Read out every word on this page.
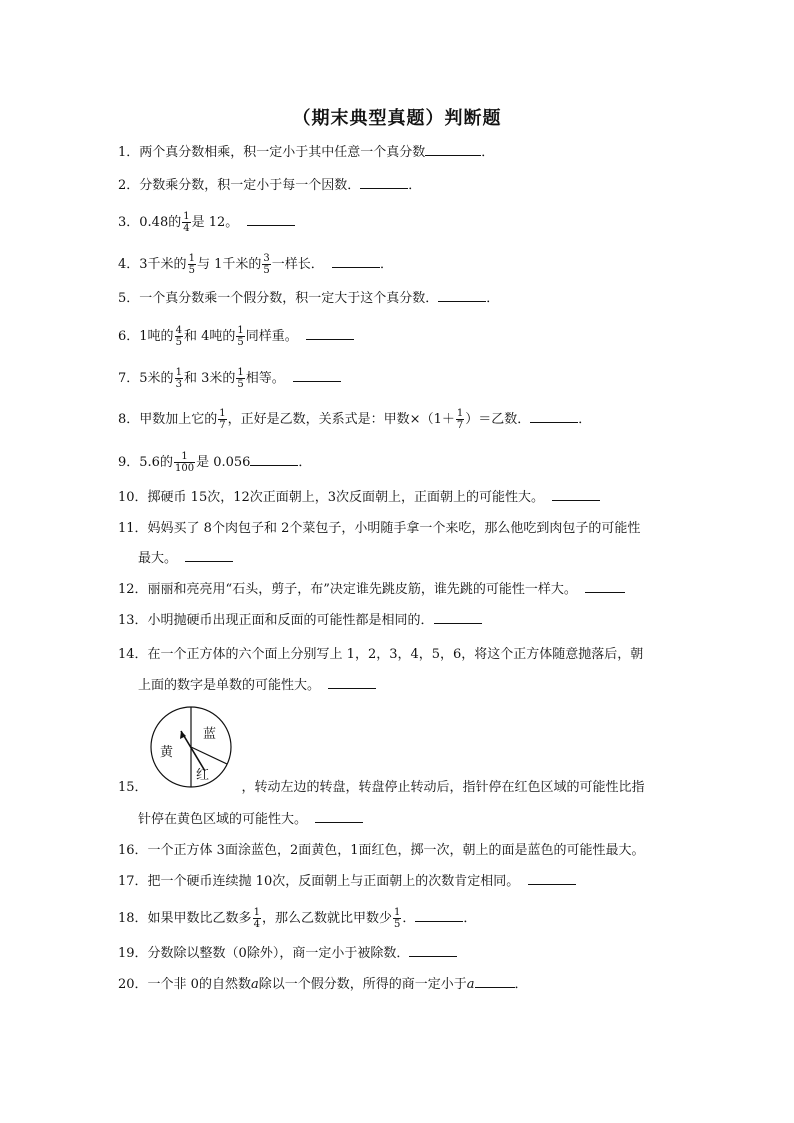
（期末典型真题）判断题
1．两个真分数相乘，积一定小于其中任意一个真分数	．
2．分数乘分数，积一定小于每一个因数．	．
3．0.48的 $\frac{1}{4}$ 是 12。
4．3千米的 $\frac{1}{5}$ 与 1千米的 $\frac{3}{5}$ 一样长．	．
5．一个真分数乘一个假分数，积一定大于这个真分数．	．
6．1吨的 $\frac{4}{5}$ 和 4吨的 $\frac{1}{5}$ 同样重。
7．5米的 $\frac{1}{3}$ 和 3米的 $\frac{1}{5}$ 相等。
8．甲数加上它的 $\frac{1}{7}$ ，正好是乙数，关系式是：甲数$\times(1+ \frac{1}{7}$ ）＝乙数．	．
9．5.6的 $\frac{1}{100}$ 是 0.056	．
10．掷硬币 15次，12次正面朝上，3次反面朝上，正面朝上的可能性大。
11．妈妈买了 8个肉包子和 2个菜包子，小明随手拿一个来吃，那么他吃到肉包子的可能性
最大。
12．丽丽和亮亮用“石头，剪子，布”决定谁先跳皮筋，谁先跳的可能性一样大。
13．小明抛硬币出现正面和反面的可能性都是相同的．
14．在一个正方体的六个面上分别写上 1，2，3，4，5，6，将这个正方体随意抛落后，朝
上面的数字是单数的可能性大。
蓝
黄
红
15．	，转动左边的转盘，转盘停止转动后，指针停在红色区域的可能性比指
针停在黄色区域的可能性大。
16．一个正方体 3面涂蓝色，2面黄色，1面红色，掷一次，朝上的面是蓝色的可能性最大。
17．把一个硬币连续抛 10次，反面朝上与正面朝上的次数肯定相同。
18．如果甲数比乙数多 $\frac{1}{4}$ ，那么乙数就比甲数少 $\frac{1}{5}$ ．	．
19．分数除以整数（0除外），商一定小于被除数．
20．一个非 0的自然数a除以一个假分数，所得的商一定小于a	．
